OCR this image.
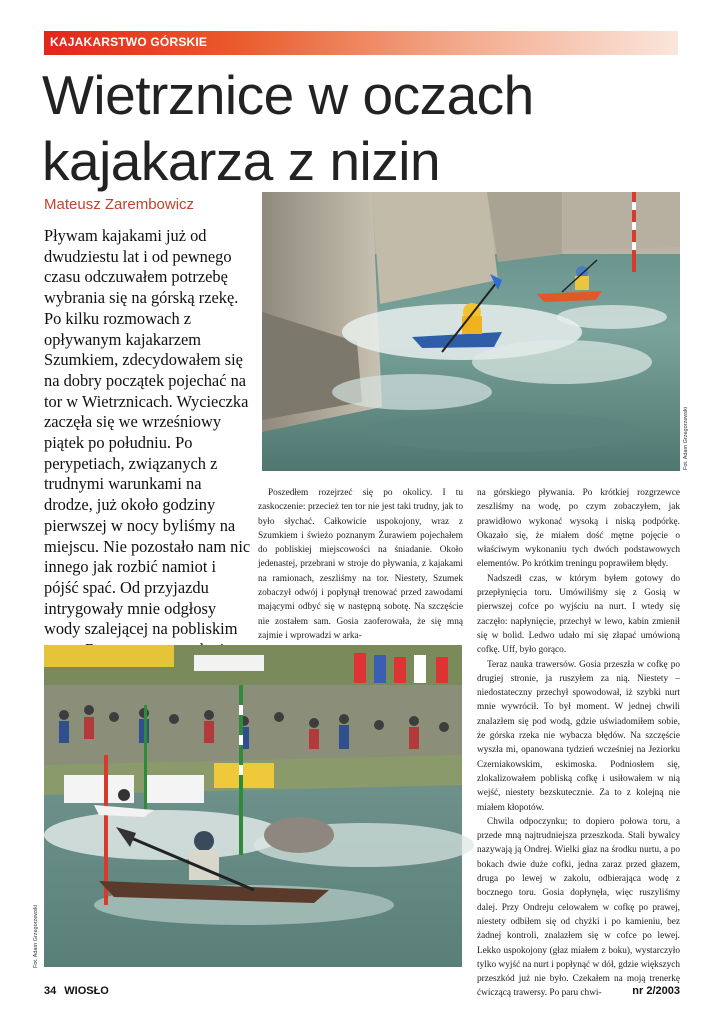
KAJAKARSTWO GÓRSKIE
Wietrznice w oczach
kajakarza z nizin
Mateusz Zarembowicz

Pływam kajakami już od dwudziestu lat i od pewnego czasu odczuwałem potrzebę wybrania się na górską rzekę. Po kilku rozmowach z opływanym kajakarzem Szumkiem, zdecydowałem się na dobry początek pojechać na tor w Wietrznicach. Wycieczka zaczęła się we wrześniowy piątek po południu. Po perypetiach, związanych z trudnymi warunkami na drodze, już około godziny pierwszej w nocy byliśmy na miejscu. Nie pozostało nam nic innego jak rozbić namiot i pójść spać. Od przyjazdu intrygowały mnie odgłosy wody szalejącej na pobliskim

Fot. Adam Grzegorzewski
Fot. Adam Grzegorzewski

Poszedłem rozejrzeć się po okolicy. I tu zaskoczenie: przecież ten tor nie jest taki trudny, jak to było słychać. Całkowicie uspokojony, wraz z Szumkiem i świeżo poznanym Żurawiem pojechałem do pobliskiej miejscowości na śniadanie. Około jedenastej, przebrani w stroje do pływania, z kajakami na ramionach, zeszliśmy na tor. Niestety, Szumek zobaczył odwój i popłynął trenować przed zawodami mającymi odbyć się w następną sobotę. Na szczęście nie zostałem sam. Gosia zaoferowała, że się mną zajmie i wprowadzi w arka-

na górskiego pływania. Po krótkiej rozgrzewce zeszliśmy na wodę, po czym zobaczyłem, jak prawidłowo wykonać wysoką i niską podpórkę. Okazało się, że miałem dość mętne pojęcie o właściwym wykonaniu tych dwóch podstawowych elementów. Po krótkim treningu poprawiłem błędy.

Nadszedł czas, w którym byłem gotowy do przepłynięcia toru. Umówiliśmy się z Gosią w pierwszej cofce po wyjściu na nurt. I wtedy się zaczęło: napłynięcie, przechył w lewo, kabin zmienił się w bolid. Ledwo udało mi się złapać umówioną cofkę. Uff, było gorąco.

Teraz nauka trawersów. Gosia przeszła w cofkę po drugiej stronie, ja ruszyłem za nią. Niestety – niedostateczny przechył spowodował, iż szybki nurt mnie wywrócił. To był moment. W jednej chwili znalazłem się pod wodą, gdzie uświadomiłem sobie, że górska rzeka nie wybacza błędów. Na szczęście wyszła mi, opanowana tydzień wcześniej na Jeziorku Czerniakowskim, eskimoska. Podniosłem się, zlokalizowałem pobliską cofkę i usiłowałem w nią wejść, niestety bezskutecznie. Za to z kolejną nie miałem kłopotów.

Chwila odpoczynku; to dopiero połowa toru, a przede mną najtrudniejsza przeszkoda. Stali bywalcy nazywają ją Ondrej. Wielki głaz na środku nurtu, a po bokach dwie duże cofki, jedna zaraz przed głazem, druga po lewej w zakolu, odbierająca wodę z bocznego toru. Gosia dopłynęła, więc ruszyliśmy dalej. Przy Ondreju celowałem w cofkę po prawej, niestety odbiłem się od chyżki i po kamieniu, bez żadnej kontroli, znalazłem się w cofce po lewej. Lekko uspokojony (głaz miałem z boku), wystarczyło tylko wyjść na nurt i popłynąć w dół, gdzie większych przeszkód już nie było. Czekałem na moją trenerkę ćwiczącą trawersy. Po paru chwi-

34 WIOSŁO	nr 2/2003
